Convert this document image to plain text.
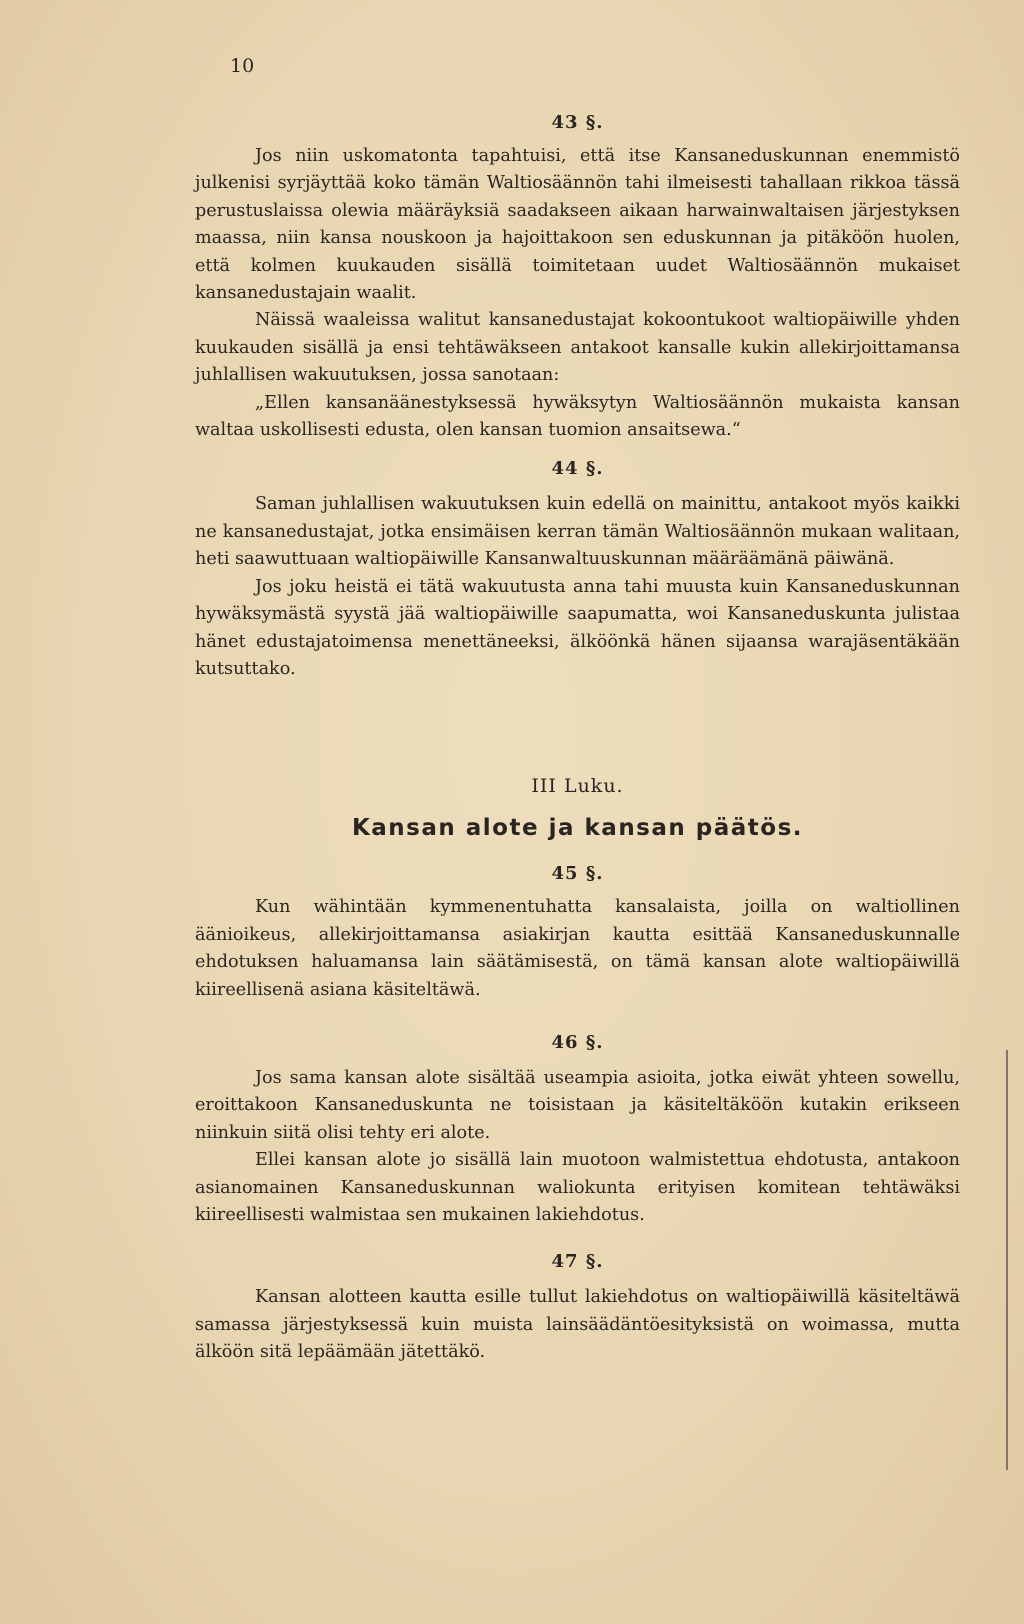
10
43 §.

Jos niin uskomatonta tapahtuisi, että itse Kansaneduskunnan enemmistö julkenisi syrjäyttää koko tämän Waltiosäännön tahi ilmeisesti tahallaan rikkoa tässä perustuslaissa olewia määräyksiä saadakseen aikaan harwainwaltaisen järjestyksen maassa, niin kansa nouskoon ja hajoittakoon sen eduskunnan ja pitäköön huolen, että kolmen kuukauden sisällä toimitetaan uudet Waltiosäännön mukaiset kansanedustajain waalit.

Näissä waaleissa walitut kansanedustajat kokoontukoot waltiopäiwille yhden kuukauden sisällä ja ensi tehtäwäkseen antakoot kansalle kukin allekirjoittamansa juhlallisen wakuutuksen, jossa sanotaan:

„Ellen kansanäänestyksessä hywäksytyn Waltiosäännön mukaista kansan waltaa uskollisesti edusta, olen kansan tuomion ansaitsewa.“

44 §.

Saman juhlallisen wakuutuksen kuin edellä on mainittu, antakoot myös kaikki ne kansanedustajat, jotka ensimäisen kerran tämän Waltiosäännön mukaan walitaan, heti saawuttuaan waltiopäiwille Kansanwaltuuskunnan määräämänä päiwänä.

Jos joku heistä ei tätä wakuutusta anna tahi muusta kuin Kansaneduskunnan hywäksymästä syystä jää waltiopäiwille saapumatta, woi Kansaneduskunta julistaa hänet edustajatoimensa menettäneeksi, älköönkä hänen sijaansa warajäsentäkään kutsuttako.

III Luku.
Kansan alote ja kansan päätös.
45 §.

Kun wähintään kymmenentuhatta kansalaista, joilla on waltiollinen äänioikeus, allekirjoittamansa asiakirjan kautta esittää Kansaneduskunnalle ehdotuksen haluamansa lain säätämisestä, on tämä kansan alote waltiopäiwillä kiireellisenä asiana käsiteltäwä.

46 §.

Jos sama kansan alote sisältää useampia asioita, jotka eiwät yhteen sowellu, eroittakoon Kansaneduskunta ne toisistaan ja käsiteltäköön kutakin erikseen niinkuin siitä olisi tehty eri alote.

Ellei kansan alote jo sisällä lain muotoon walmistettua ehdotusta, antakoon asianomainen Kansaneduskunnan waliokunta erityisen komitean tehtäwäksi kiireellisesti walmistaa sen mukainen lakiehdotus.

47 §.

Kansan alotteen kautta esille tullut lakiehdotus on waltiopäiwillä käsiteltäwä samassa järjestyksessä kuin muista lainsäädäntöesityksistä on woimassa, mutta älköön sitä lepäämään jätettäkö.
